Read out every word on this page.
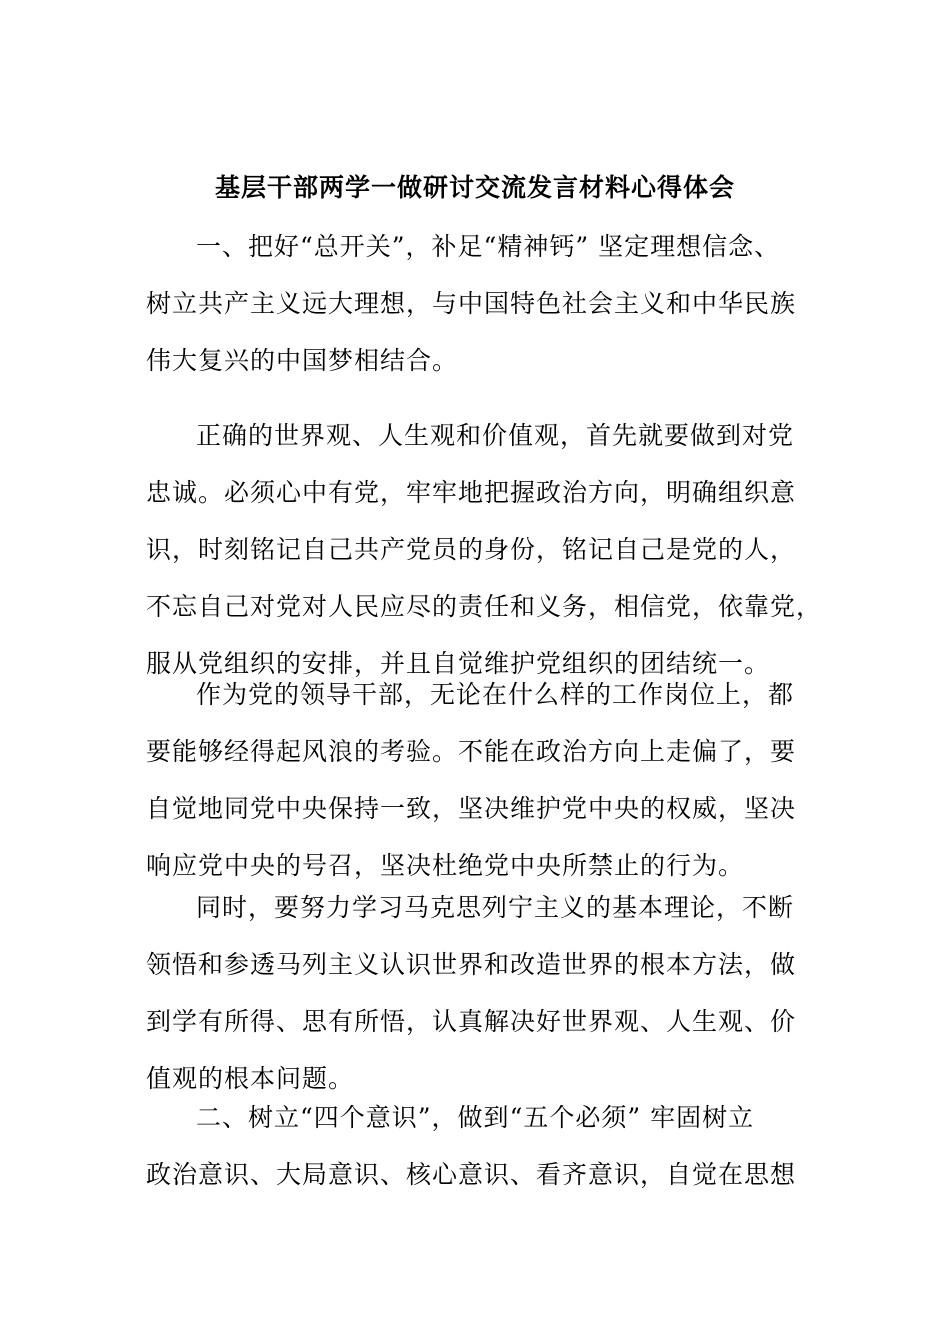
基层干部两学一做研讨交流发言材料心得体会
一、把好“总开关”，补足“精神钙” 坚定理想信念、
树立共产主义远大理想，与中国特色社会主义和中华民族
伟大复兴的中国梦相结合。
正确的世界观、人生观和价值观，首先就要做到对党
忠诚。必须心中有党，牢牢地把握政治方向，明确组织意
识，时刻铭记自己共产党员的身份，铭记自己是党的人，
不忘自己对党对人民应尽的责任和义务，相信党，依靠党，
服从党组织的安排，并且自觉维护党组织的团结统一。
作为党的领导干部，无论在什么样的工作岗位上，都
要能够经得起风浪的考验。不能在政治方向上走偏了，要
自觉地同党中央保持一致，坚决维护党中央的权威，坚决
响应党中央的号召，坚决杜绝党中央所禁止的行为。
同时，要努力学习马克思列宁主义的基本理论，不断
领悟和参透马列主义认识世界和改造世界的根本方法，做
到学有所得、思有所悟，认真解决好世界观、人生观、价
值观的根本问题。
二、树立“四个意识”，做到“五个必须” 牢固树立
政治意识、大局意识、核心意识、看齐意识，自觉在思想
